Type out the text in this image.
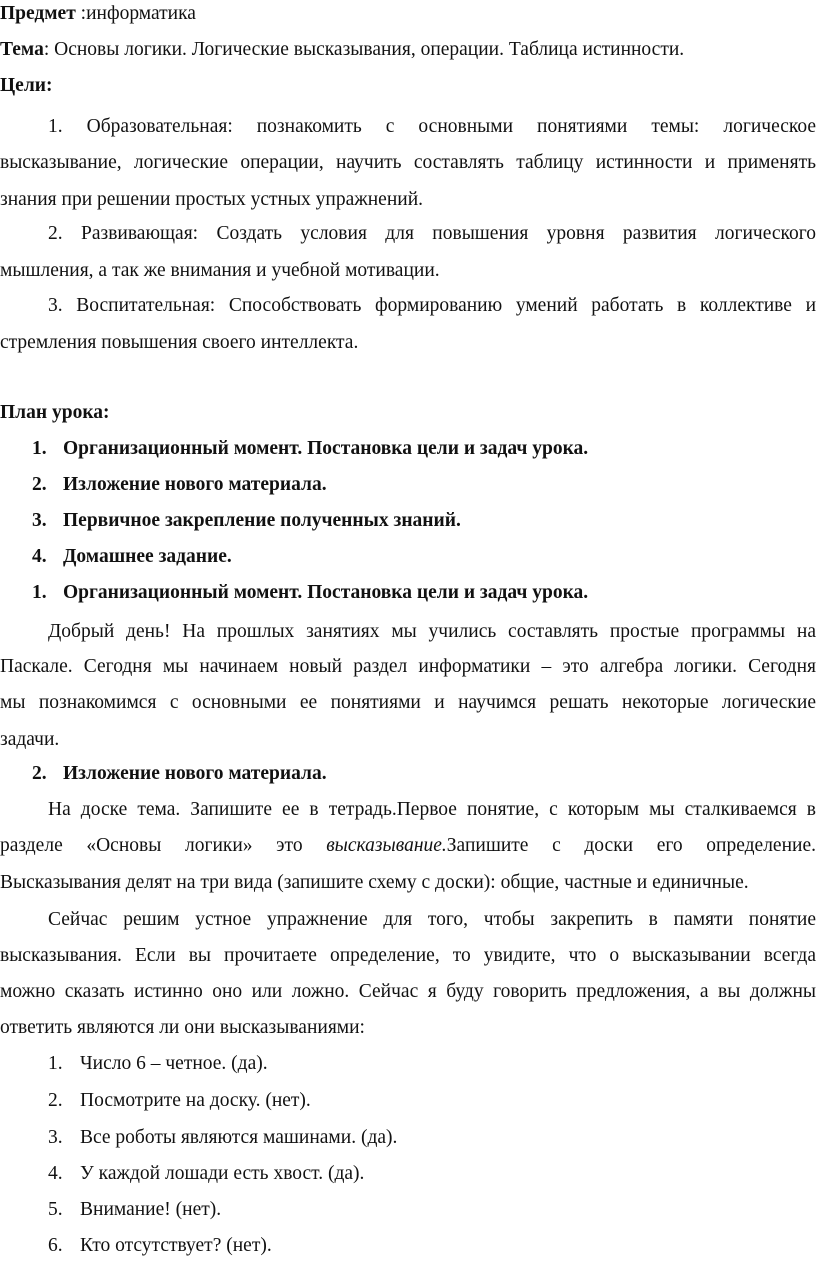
Предмет :информатика
Тема: Основы логики. Логические высказывания, операции. Таблица истинности.
Цели:
1. Образовательная: познакомить с основными понятиями темы: логическое
высказывание, логические операции, научить составлять таблицу истинности и применять
знания при решении простых устных упражнений.
2. Развивающая: Создать условия для повышения уровня развития логического
мышления, а так же внимания и учебной мотивации.
3. Воспитательная: Способствовать формированию умений работать в коллективе и
стремления повышения своего интеллекта.
План урока:
1. Организационный момент. Постановка цели и задач урока.
2. Изложение нового материала.
3. Первичное закрепление полученных знаний.
4. Домашнее задание.
1. Организационный момент. Постановка цели и задач урока.
Добрый день! На прошлых занятиях мы учились составлять простые программы на
Паскале. Сегодня мы начинаем новый раздел информатики – это алгебра логики. Сегодня
мы познакомимся с основными ее понятиями и научимся решать некоторые логические
задачи.
2. Изложение нового материала.
На доске тема. Запишите ее в тетрадь.Первое понятие, с которым мы сталкиваемся в
разделе «Основы логики» это высказывание.Запишите с доски его определение.
Высказывания делят на три вида (запишите схему с доски): общие, частные и единичные.
Сейчас решим устное упражнение для того, чтобы закрепить в памяти понятие
высказывания. Если вы прочитаете определение, то увидите, что о высказывании всегда
можно сказать истинно оно или ложно. Сейчас я буду говорить предложения, а вы должны
ответить являются ли они высказываниями:
1. Число 6 – четное. (да).
2. Посмотрите на доску. (нет).
3. Все роботы являются машинами. (да).
4. У каждой лошади есть хвост. (да).
5. Внимание! (нет).
6. Кто отсутствует? (нет).
